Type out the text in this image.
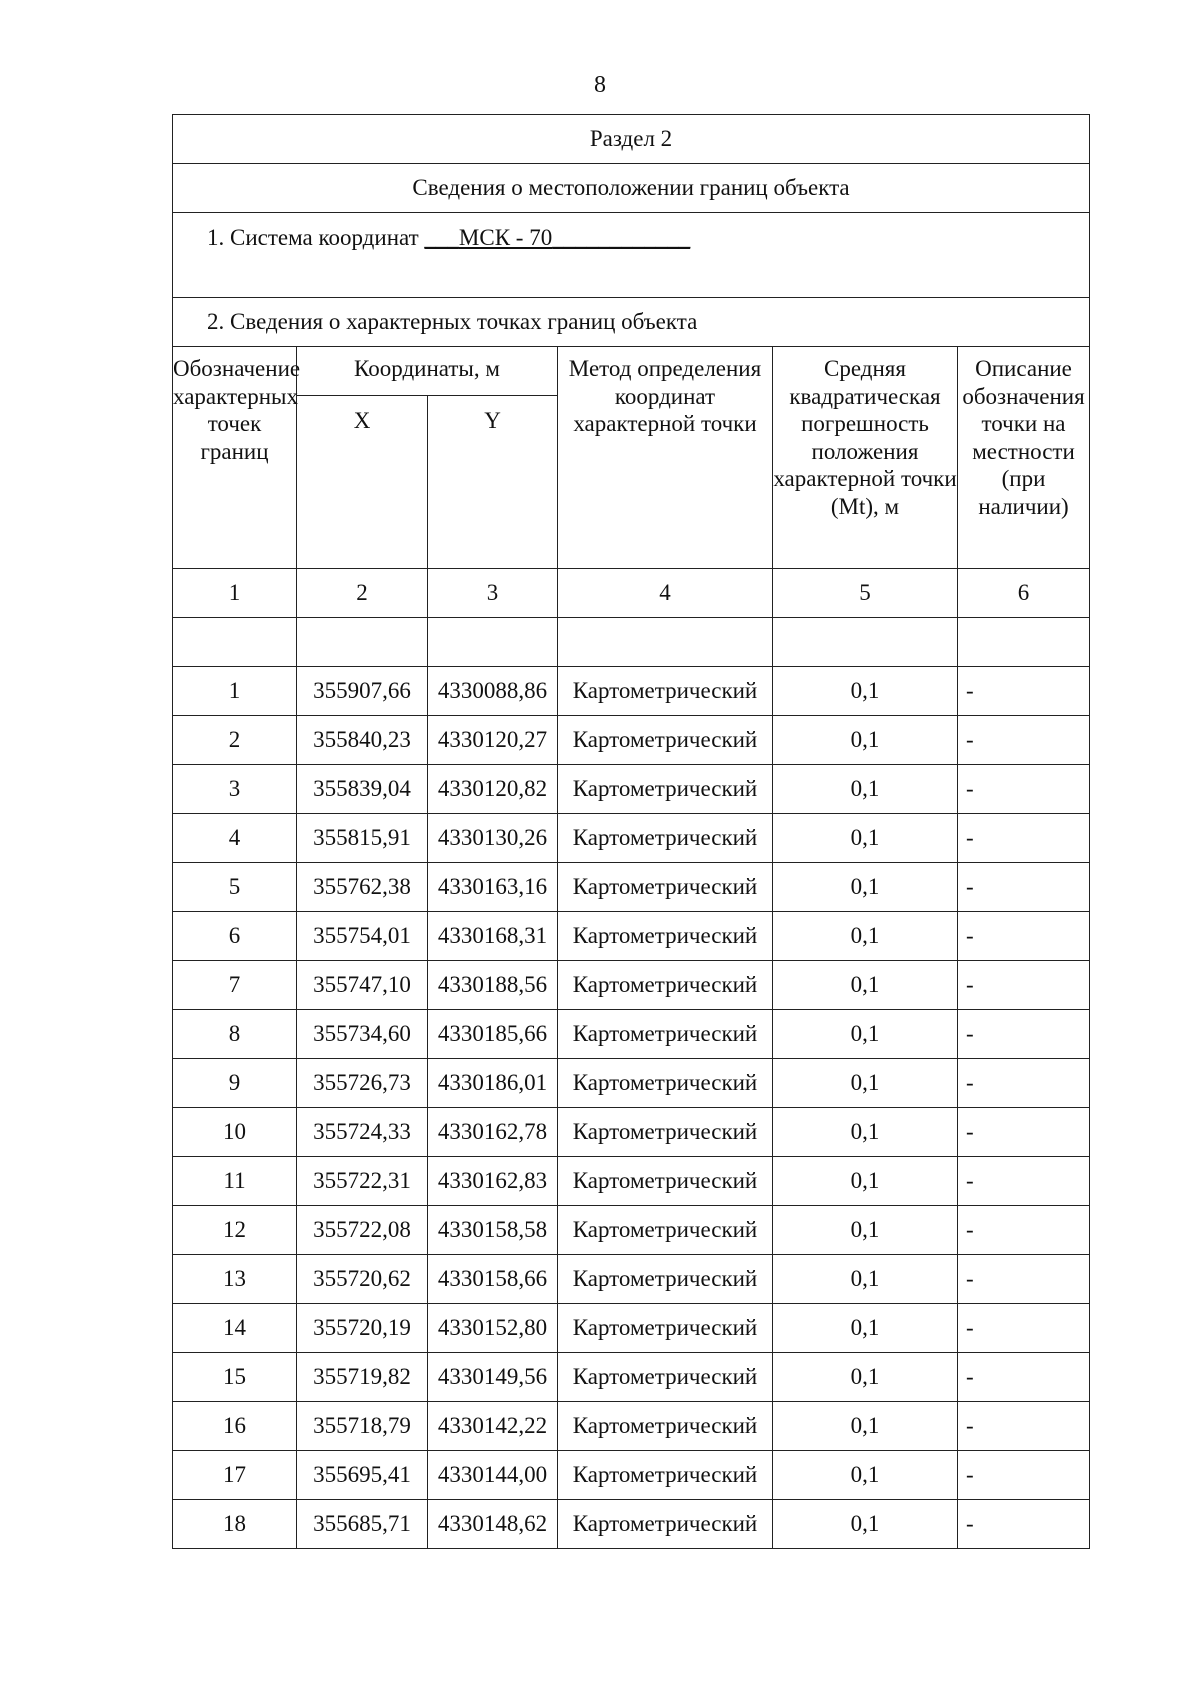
8
Раздел 2					
Сведения о местоположении границ объекта					
1. Система координат ___МСК - 70____________					
2. Сведения о характерных точках границ объекта					
Обозначение характерных точек границ	Координаты, м		Метод определения координат характерной точки	Средняя квадратическая погрешность положения характерной точки (Mt), м	Описание обозначения точки на местности (при наличии)
	X	Y			
1	2	3	4	5	6

1	355907,66	4330088,86	Картометрический	0,1	-
2	355840,23	4330120,27	Картометрический	0,1	-
3	355839,04	4330120,82	Картометрический	0,1	-
4	355815,91	4330130,26	Картометрический	0,1	-
5	355762,38	4330163,16	Картометрический	0,1	-
6	355754,01	4330168,31	Картометрический	0,1	-
7	355747,10	4330188,56	Картометрический	0,1	-
8	355734,60	4330185,66	Картометрический	0,1	-
9	355726,73	4330186,01	Картометрический	0,1	-
10	355724,33	4330162,78	Картометрический	0,1	-
11	355722,31	4330162,83	Картометрический	0,1	-
12	355722,08	4330158,58	Картометрический	0,1	-
13	355720,62	4330158,66	Картометрический	0,1	-
14	355720,19	4330152,80	Картометрический	0,1	-
15	355719,82	4330149,56	Картометрический	0,1	-
16	355718,79	4330142,22	Картометрический	0,1	-
17	355695,41	4330144,00	Картометрический	0,1	-
18	355685,71	4330148,62	Картометрический	0,1	-
